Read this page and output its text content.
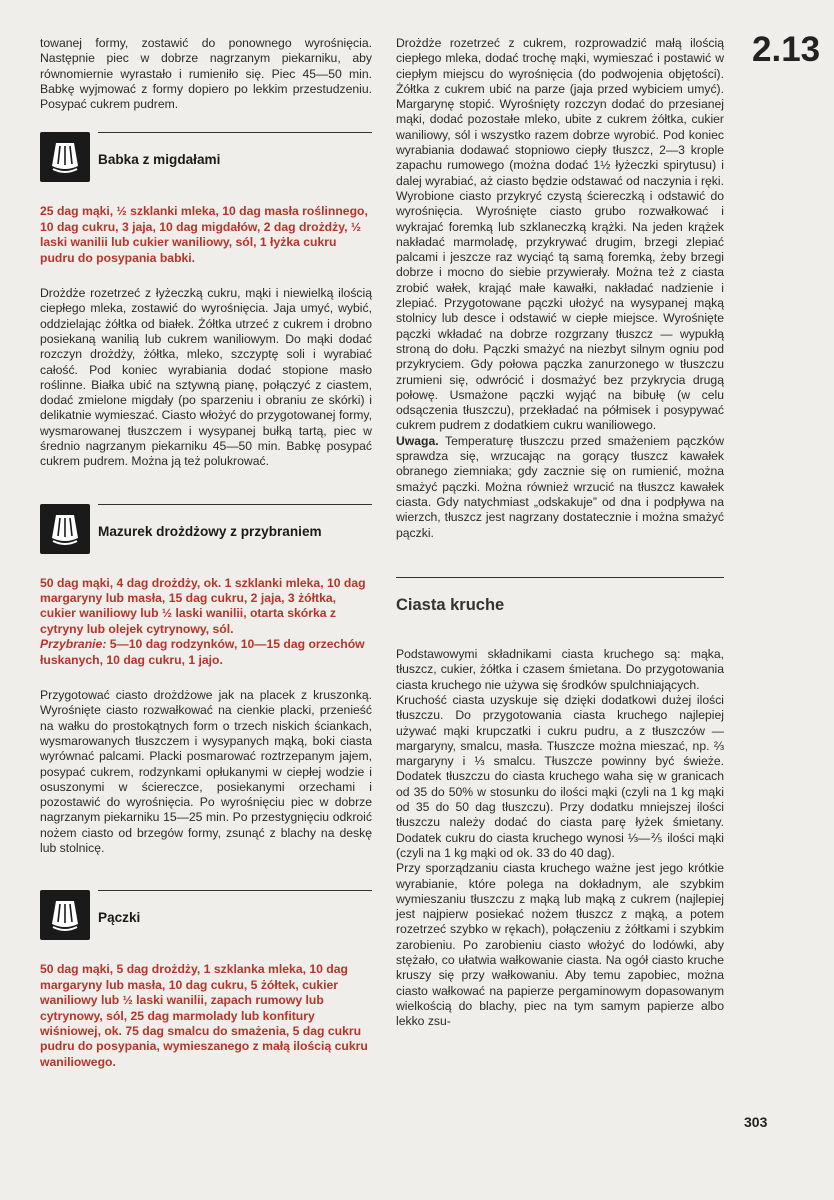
2.13

towanej formy, zostawić do ponownego wyrośnięcia. Następnie piec w dobrze nagrzanym piekarniku, aby równomiernie wyrastało i rumieniło się. Piec 45—50 min. Babkę wyjmować z formy dopiero po lekkim przestudzeniu. Posypać cukrem pudrem.

Babka z migdałami

25 dag mąki, ½ szklanki mleka, 10 dag masła roślinnego, 10 dag cukru, 3 jaja, 10 dag migdałów, 2 dag drożdży, ½ laski wanilii lub cukier waniliowy, sól, 1 łyżka cukru pudru do posypania babki.

Drożdże rozetrzeć z łyżeczką cukru, mąki i niewielką ilością ciepłego mleka, zostawić do wyrośnięcia. Jaja umyć, wybić, oddzielając żółtka od białek. Żółtka utrzeć z cukrem i drobno posiekaną wanilią lub cukrem waniliowym. Do mąki dodać rozczyn drożdży, żółtka, mleko, szczyptę soli i wyrabiać całość. Pod koniec wyrabiania dodać stopione masło roślinne. Białka ubić na sztywną pianę, połączyć z ciastem, dodać zmielone migdały (po sparzeniu i obraniu ze skórki) i delikatnie wymieszać. Ciasto włożyć do przygotowanej formy, wysmarowanej tłuszczem i wysypanej bułką tartą, piec w średnio nagrzanym piekarniku 45—50 min. Babkę posypać cukrem pudrem. Można ją też polukrować.

Mazurek drożdżowy z przybraniem

50 dag mąki, 4 dag drożdży, ok. 1 szklanki mleka, 10 dag margaryny lub masła, 15 dag cukru, 2 jaja, 3 żółtka, cukier waniliowy lub ½ laski wanilii, otarta skórka z cytryny lub olejek cytrynowy, sól.
Przybranie: 5—10 dag rodzynków, 10—15 dag orzechów łuskanych, 10 dag cukru, 1 jajo.

Przygotować ciasto drożdżowe jak na placek z kruszonką. Wyrośnięte ciasto rozwałkować na cienkie placki, przenieść na wałku do prostokątnych form o trzech niskich ściankach, wysmarowanych tłuszczem i wysypanych mąką, boki ciasta wyrównać palcami. Placki posmarować roztrzepanym jajem, posypać cukrem, rodzynkami opłukanymi w ciepłej wodzie i osuszonymi w ściereczce, posiekanymi orzechami i pozostawić do wyrośnięcia. Po wyrośnięciu piec w dobrze nagrzanym piekarniku 15—25 min. Po przestygnięciu odkroić nożem ciasto od brzegów formy, zsunąć z blachy na deskę lub stolnicę.

Pączki

50 dag mąki, 5 dag drożdży, 1 szklanka mleka, 10 dag margaryny lub masła, 10 dag cukru, 5 żółtek, cukier waniliowy lub ½ laski wanilii, zapach rumowy lub cytrynowy, sól, 25 dag marmolady lub konfitury wiśniowej, ok. 75 dag smalcu do smażenia, 5 dag cukru pudru do posypania, wymieszanego z małą ilością cukru waniliowego.

Drożdże rozetrzeć z cukrem, rozprowadzić małą ilością ciepłego mleka, dodać trochę mąki, wymieszać i postawić w ciepłym miejscu do wyrośnięcia (do podwojenia objętości). Żółtka z cukrem ubić na parze (jaja przed wybiciem umyć). Margarynę stopić. Wyrośnięty rozczyn dodać do przesianej mąki, dodać pozostałe mleko, ubite z cukrem żółtka, cukier waniliowy, sól i wszystko razem dobrze wyrobić. Pod koniec wyrabiania dodawać stopniowo ciepły tłuszcz, 2—3 krople zapachu rumowego (można dodać 1½ łyżeczki spirytusu) i dalej wyrabiać, aż ciasto będzie odstawać od naczynia i ręki. Wyrobione ciasto przykryć czystą ściereczką i odstawić do wyrośnięcia. Wyrośnięte ciasto grubo rozwałkować i wykrajać foremką lub szklaneczką krążki. Na jeden krążek nakładać marmoladę, przykrywać drugim, brzegi zlepiać palcami i jeszcze raz wyciąć tą samą foremką, żeby brzegi dobrze i mocno do siebie przywierały. Można też z ciasta zrobić wałek, krająć małe kawałki, nakładać nadzienie i zlepiać. Przygotowane pączki ułożyć na wysypanej mąką stolnicy lub desce i odstawić w ciepłe miejsce. Wyrośnięte pączki wkładać na dobrze rozgrzany tłuszcz — wypukłą stroną do dołu. Pączki smażyć na niezbyt silnym ogniu pod przykryciem. Gdy połowa pączka zanurzonego w tłuszczu zrumieni się, odwrócić i dosmażyć bez przykrycia drugą połowę. Usmażone pączki wyjąć na bibułę (w celu odsączenia tłuszczu), przekładać na półmisek i posypywać cukrem pudrem z dodatkiem cukru waniliowego.

Uwaga. Temperaturę tłuszczu przed smażeniem pączków sprawdza się, wrzucając na gorący tłuszcz kawałek obranego ziemniaka; gdy zacznie się on rumienić, można smażyć pączki. Można również wrzucić na tłuszcz kawałek ciasta. Gdy natychmiast „odskakuje” od dna i podpływa na wierzch, tłuszcz jest nagrzany dostatecznie i można smażyć pączki.

Ciasta kruche

Podstawowymi składnikami ciasta kruchego są: mąka, tłuszcz, cukier, żółtka i czasem śmietana. Do przygotowania ciasta kruchego nie używa się środków spulchniających.

Kruchość ciasta uzyskuje się dzięki dodatkowi dużej ilości tłuszczu. Do przygotowania ciasta kruchego najlepiej używać mąki krupczatki i cukru pudru, a z tłuszczów — margaryny, smalcu, masła. Tłuszcze można mieszać, np. ⅔ margaryny i ⅓ smalcu. Tłuszcze powinny być świeże. Dodatek tłuszczu do ciasta kruchego waha się w granicach od 35 do 50% w stosunku do ilości mąki (czyli na 1 kg mąki od 35 do 50 dag tłuszczu). Przy dodatku mniejszej ilości tłuszczu należy dodać do ciasta parę łyżek śmietany. Dodatek cukru do ciasta kruchego wynosi ⅓—⅖ ilości mąki (czyli na 1 kg mąki od ok. 33 do 40 dag).

Przy sporządzaniu ciasta kruchego ważne jest jego krótkie wyrabianie, które polega na dokładnym, ale szybkim wymieszaniu tłuszczu z mąką lub mąką z cukrem (najlepiej jest najpierw posiekać nożem tłuszcz z mąką, a potem rozetrzeć szybko w rękach), połączeniu z żółtkami i szybkim zarobieniu. Po zarobieniu ciasto włożyć do lodówki, aby stężało, co ułatwia wałkowanie ciasta. Na ogół ciasto kruche kruszy się przy wałkowaniu. Aby temu zapobiec, można ciasto wałkować na papierze pergaminowym dopasowanym wielkością do blachy, piec na tym samym papierze albo lekko zsu-

303
